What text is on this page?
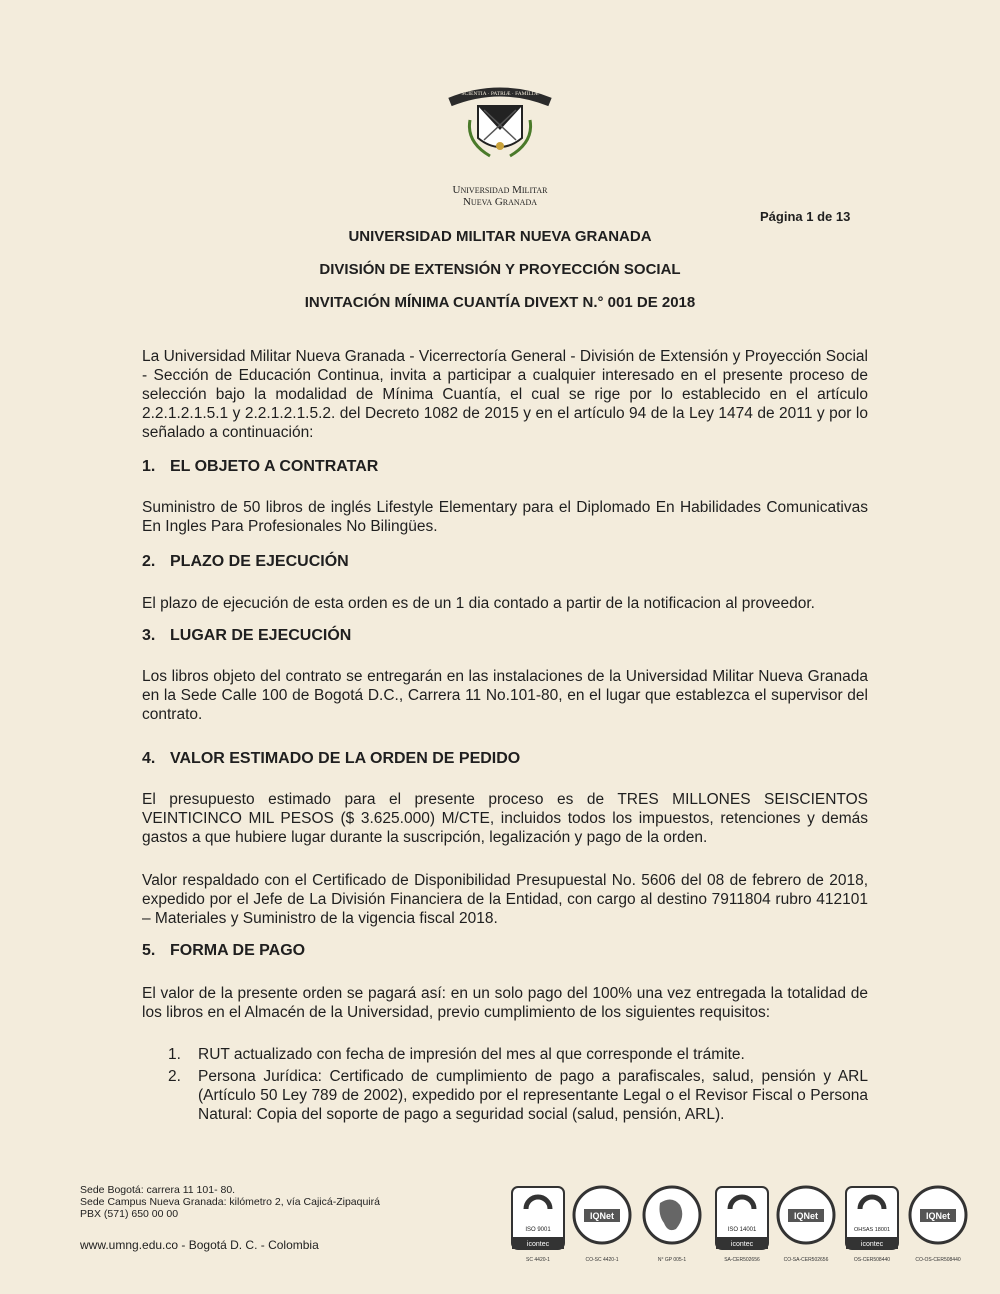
SCIENTIA · PATRIÆ · FAMILIÆ
Universidad Militar
Nueva Granada
Página 1 de 13
UNIVERSIDAD MILITAR NUEVA GRANADA
DIVISIÓN DE EXTENSIÓN Y PROYECCIÓN SOCIAL
INVITACIÓN MÍNIMA CUANTÍA DIVEXT N.° 001 DE 2018

La Universidad Militar Nueva Granada - Vicerrectoría General - División de Extensión y Proyección Social - Sección de Educación Continua, invita a participar a cualquier interesado en el presente proceso de selección bajo la modalidad de Mínima Cuantía, el cual se rige por lo establecido en el artículo 2.2.1.2.1.5.1 y 2.2.1.2.1.5.2. del Decreto 1082 de 2015 y en el artículo 94 de la Ley 1474 de 2011 y por lo señalado a continuación:

1. EL OBJETO A CONTRATAR

Suministro de 50 libros de inglés Lifestyle Elementary para el Diplomado En Habilidades Comunicativas En Ingles Para Profesionales No Bilingües.

2. PLAZO DE EJECUCIÓN

El plazo de ejecución de esta orden es de un 1 dia contado a partir de la notificacion al proveedor.

3. LUGAR DE EJECUCIÓN

Los libros objeto del contrato se entregarán en las instalaciones de la Universidad Militar Nueva Granada en la Sede Calle 100 de Bogotá D.C., Carrera 11 No.101-80, en el lugar que establezca el supervisor del contrato.

4. VALOR ESTIMADO DE LA ORDEN DE PEDIDO

El presupuesto estimado para el presente proceso es de TRES MILLONES SEISCIENTOS VEINTICINCO MIL PESOS ($ 3.625.000) M/CTE, incluidos todos los impuestos, retenciones y demás gastos a que hubiere lugar durante la suscripción, legalización y pago de la orden.

Valor respaldado con el Certificado de Disponibilidad Presupuestal No. 5606 del 08 de febrero de 2018, expedido por el Jefe de La División Financiera de la Entidad, con cargo al destino 7911804 rubro 412101 – Materiales y Suministro de la vigencia fiscal 2018.

5. FORMA DE PAGO

El valor de la presente orden se pagará así: en un solo pago del 100% una vez entregada la totalidad de los libros en el Almacén de la Universidad, previo cumplimiento de los siguientes requisitos:

1.	RUT actualizado con fecha de impresión del mes al que corresponde el trámite.
2.	Persona Jurídica: Certificado de cumplimiento de pago a parafiscales, salud, pensión y ARL (Artículo 50 Ley 789 de 2002), expedido por el representante Legal o el Revisor Fiscal o Persona Natural: Copia del soporte de pago a seguridad social (salud, pensión, ARL).
Sede Bogotá: carrera 11 101- 80.
Sede Campus Nueva Granada: kilómetro 2, vía Cajicá-Zipaquirá
PBX (571) 650 00 00
www.umng.edu.co - Bogotá D. C. - Colombia
ISO 9001
icontec
SC 4420-1
IQNet
CO-SC 4420-1	N° GP 005-1
ISO 14001
icontec
SA-CER502656
IQNet
CO-SA-CER502656
OHSAS 18001
icontec
OS-CER508440
IQNet
CO-OS-CER508440
